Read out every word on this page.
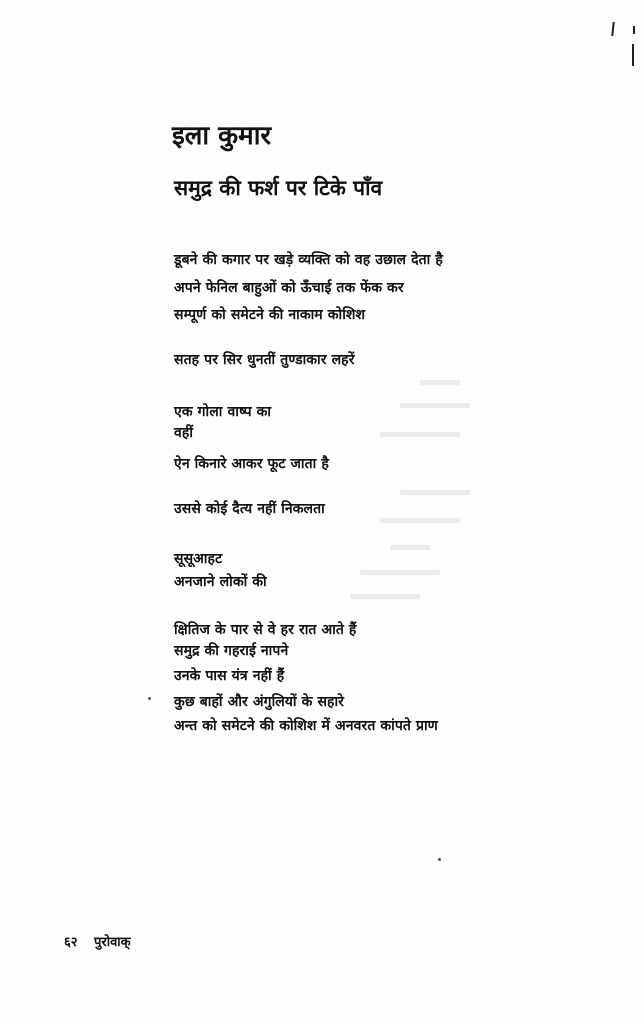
इला कुमार
समुद्र की फर्श पर टिके पाँव
डूबने की कगार पर खड़े व्यक्ति को वह उछाल देता है
अपने फेनिल बाहुओं को ऊँचाई तक फेंक कर
सम्पूर्ण को समेटने की नाकाम कोशिश
सतह पर सिर धुनतीं तुण्डाकार लहरें
एक गोला वाष्प का
वहीं
ऐन किनारे आकर फूट जाता है
उससे कोई दैत्य नहीं निकलता
सूसूआहट
अनजाने लोकों की
क्षितिज के पार से वे हर रात आते हैं
समुद्र की गहराई नापने
उनके पास यंत्र नहीं हैं
कुछ बाहों और अंगुलियों के सहारे
अन्त को समेटने की कोशिश में अनवरत कांपते प्राण
६२ पुरोवाक्
